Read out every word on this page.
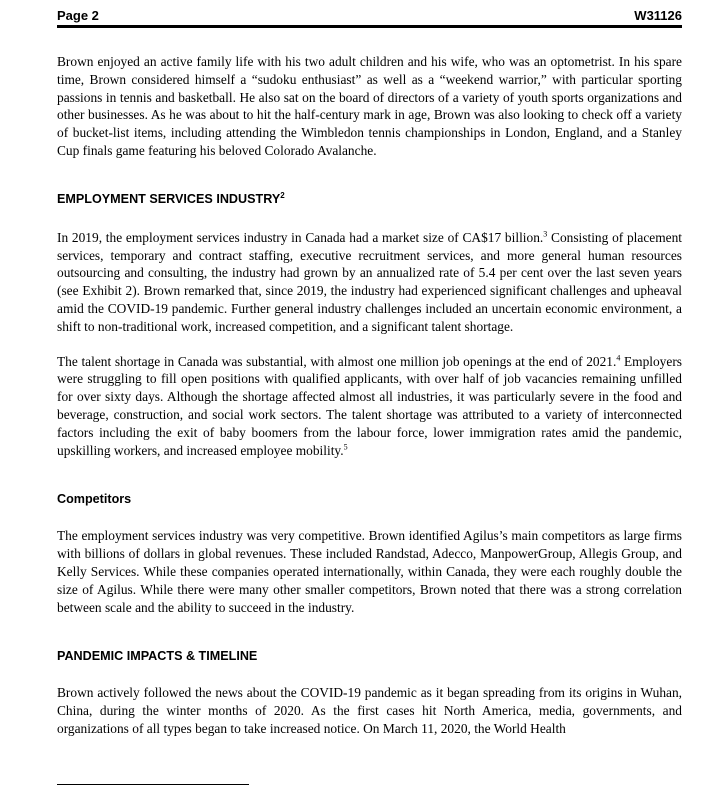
Page 2	W31126

Brown enjoyed an active family life with his two adult children and his wife, who was an optometrist. In his spare time, Brown considered himself a “sudoku enthusiast” as well as a “weekend warrior,” with particular sporting passions in tennis and basketball. He also sat on the board of directors of a variety of youth sports organizations and other businesses. As he was about to hit the half-century mark in age, Brown was also looking to check off a variety of bucket-list items, including attending the Wimbledon tennis championships in London, England, and a Stanley Cup finals game featuring his beloved Colorado Avalanche.

EMPLOYMENT SERVICES INDUSTRY$^2$

In 2019, the employment services industry in Canada had a market size of CA$17 billion.$^3$ Consisting of placement services, temporary and contract staffing, executive recruitment services, and more general human resources outsourcing and consulting, the industry had grown by an annualized rate of 5.4 per cent over the last seven years (see Exhibit 2). Brown remarked that, since 2019, the industry had experienced significant challenges and upheaval amid the COVID-19 pandemic. Further general industry challenges included an uncertain economic environment, a shift to non-traditional work, increased competition, and a significant talent shortage.

The talent shortage in Canada was substantial, with almost one million job openings at the end of 2021.$^4$ Employers were struggling to fill open positions with qualified applicants, with over half of job vacancies remaining unfilled for over sixty days. Although the shortage affected almost all industries, it was particularly severe in the food and beverage, construction, and social work sectors. The talent shortage was attributed to a variety of interconnected factors including the exit of baby boomers from the labour force, lower immigration rates amid the pandemic, upskilling workers, and increased employee mobility.$^5$

Competitors

The employment services industry was very competitive. Brown identified Agilus’s main competitors as large firms with billions of dollars in global revenues. These included Randstad, Adecco, ManpowerGroup, Allegis Group, and Kelly Services. While these companies operated internationally, within Canada, they were each roughly double the size of Agilus. While there were many other smaller competitors, Brown noted that there was a strong correlation between scale and the ability to succeed in the industry.

PANDEMIC IMPACTS & TIMELINE

Brown actively followed the news about the COVID-19 pandemic as it began spreading from its origins in Wuhan, China, during the winter months of 2020. As the first cases hit North America, media, governments, and organizations of all types began to take increased notice. On March 11, 2020, the World Health
